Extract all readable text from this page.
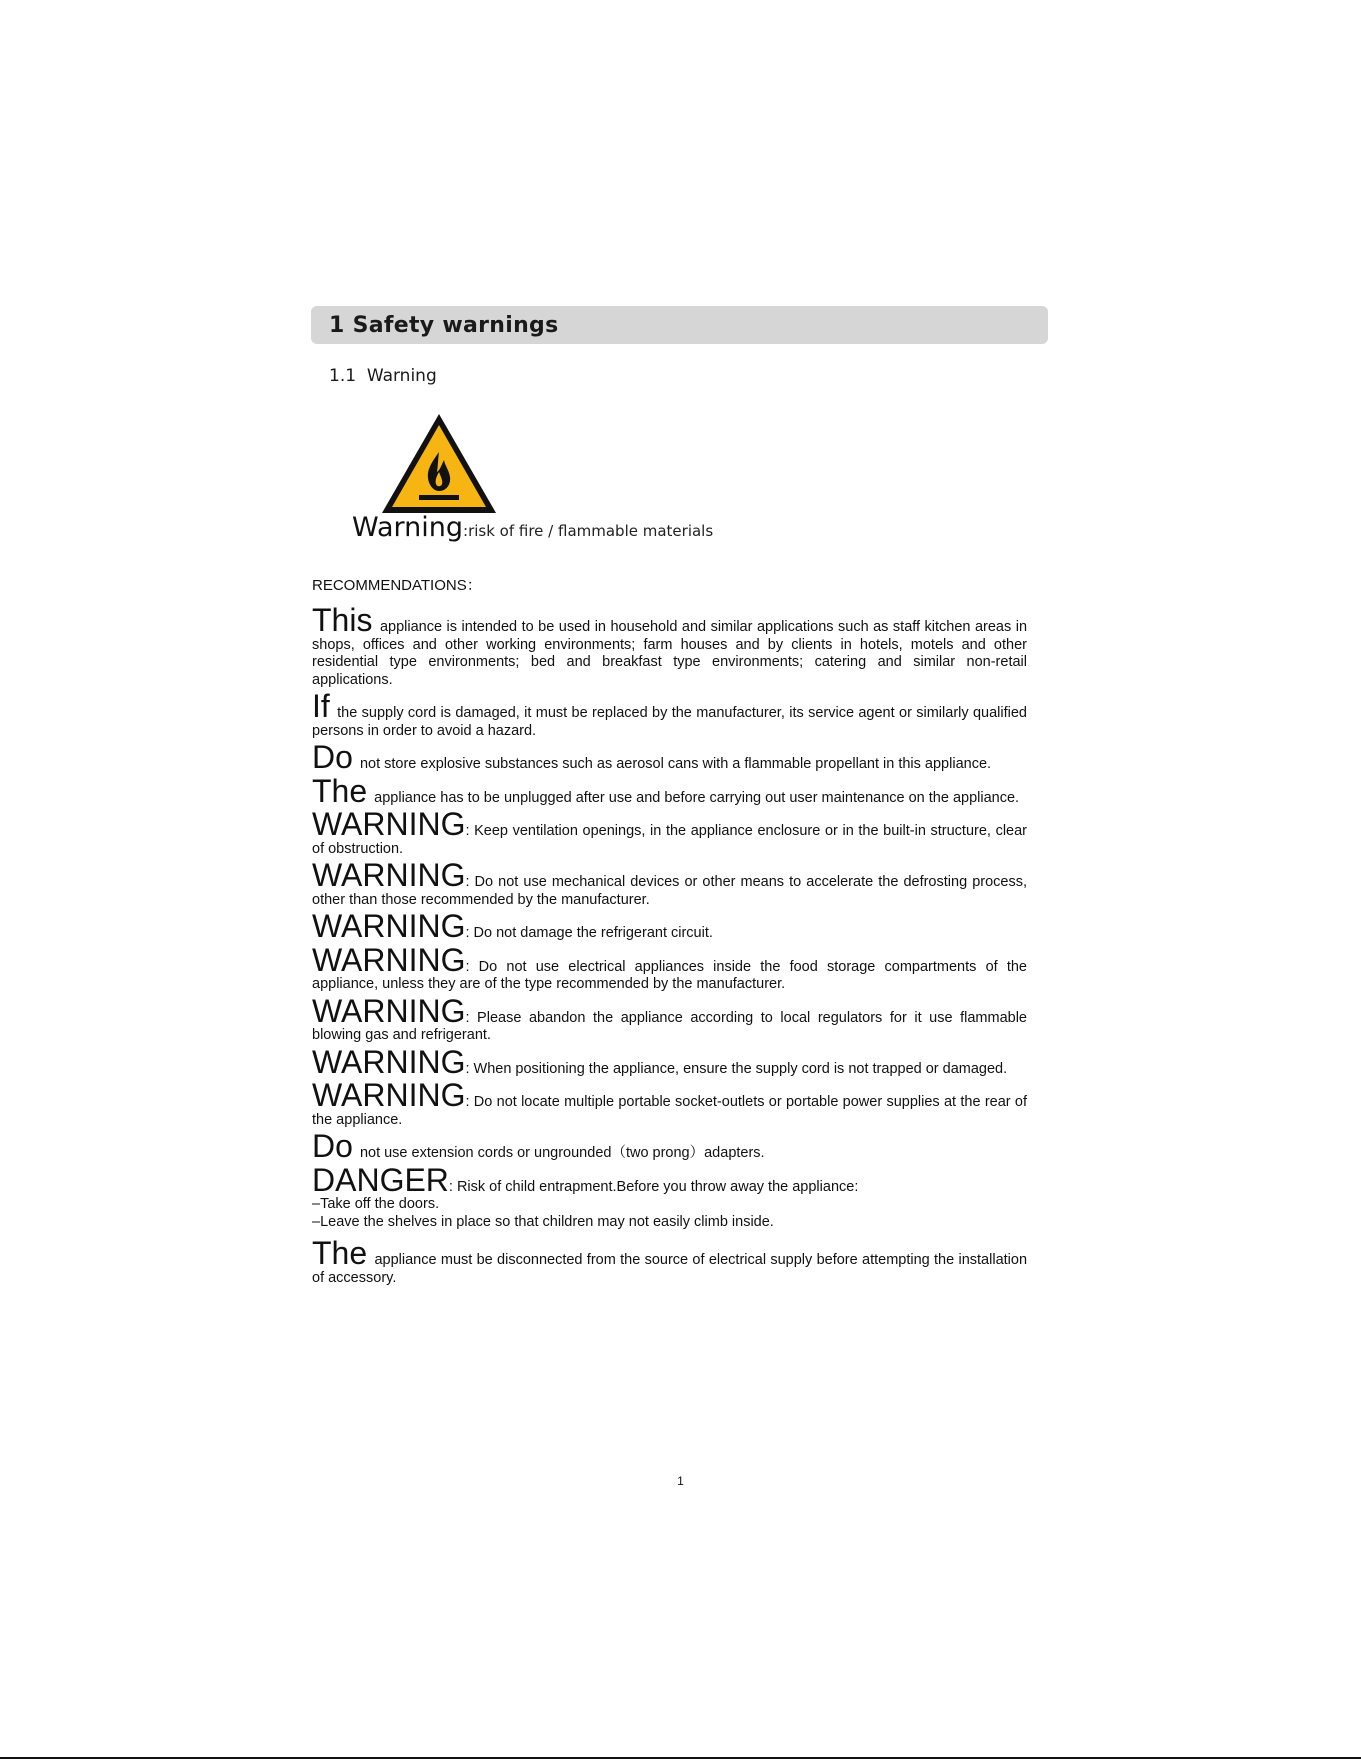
1 Safety warnings
1.1  Warning
Warning :risk of fire / flammable materials
RECOMMENDATIONS：

This appliance is intended to be used in household and similar applications such as staff kitchen areas in shops, offices and other working environments; farm houses and by clients in hotels, motels and other residential type environments; bed and breakfast type environments; catering and similar non-retail applications.

If the supply cord is damaged, it must be replaced by the manufacturer, its service agent or similarly qualified persons in order to avoid a hazard.

Do not store explosive substances such as aerosol cans with a flammable propellant in this appliance.

The appliance has to be unplugged after use and before carrying out user maintenance on the appliance.

WARNING: Keep ventilation openings, in the appliance enclosure or in the built-in structure, clear of obstruction.

WARNING: Do not use mechanical devices or other means to accelerate the defrosting process, other than those recommended by the manufacturer.

WARNING: Do not damage the refrigerant circuit.

WARNING: Do not use electrical appliances inside the food storage compartments of the appliance, unless they are of the type recommended by the manufacturer.

WARNING: Please abandon the appliance according to local regulators for it use flammable blowing gas and refrigerant.

WARNING: When positioning the appliance, ensure the supply cord is not trapped or damaged.

WARNING: Do not locate multiple portable socket-outlets or portable power supplies at the rear of the appliance.

Do not use extension cords or ungrounded（two prong）adapters.

DANGER: Risk of child entrapment.Before you throw away the appliance:

–Take off the doors.

–Leave the shelves in place so that children may not easily climb inside.

The appliance must be disconnected from the source of electrical supply before attempting the installation of accessory.

1
